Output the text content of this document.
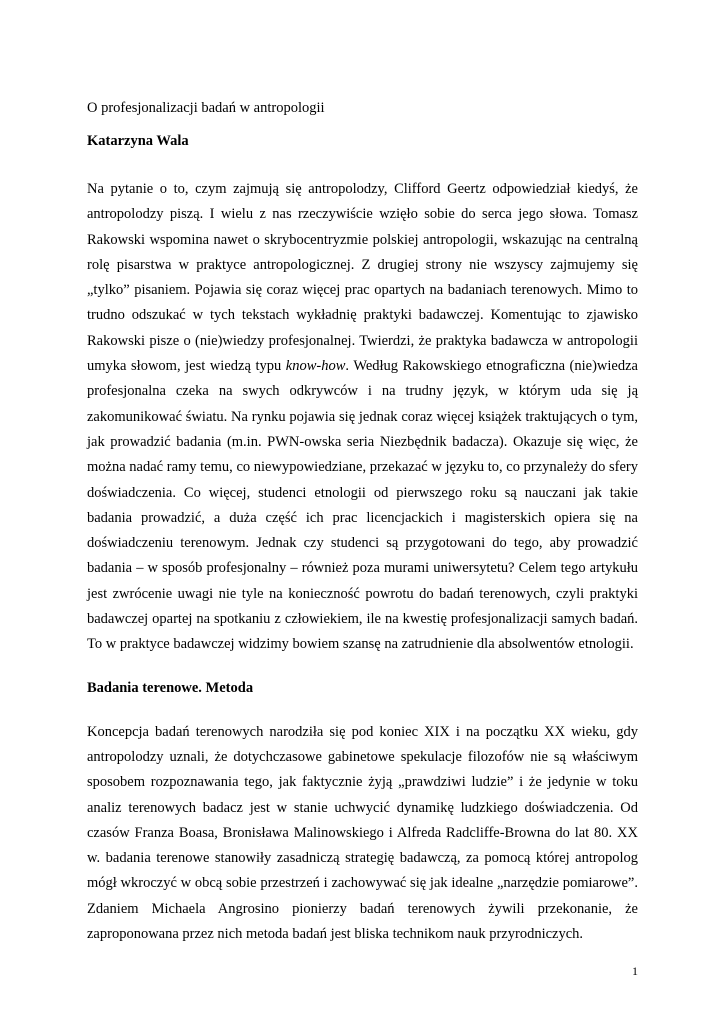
O profesjonalizacji badań w antropologii

Katarzyna Wala

Na pytanie o to, czym zajmują się antropolodzy, Clifford Geertz odpowiedział kiedyś, że antropolodzy piszą. I wielu z nas rzeczywiście wzięło sobie do serca jego słowa. Tomasz Rakowski wspomina nawet o skrybocentryzmie polskiej antropologii, wskazując na centralną rolę pisarstwa w praktyce antropologicznej. Z drugiej strony nie wszyscy zajmujemy się „tylko” pisaniem. Pojawia się coraz więcej prac opartych na badaniach terenowych. Mimo to trudno odszukać w tych tekstach wykładnię praktyki badawczej. Komentując to zjawisko Rakowski pisze o (nie)wiedzy profesjonalnej. Twierdzi, że praktyka badawcza w antropologii umyka słowom, jest wiedzą typu know-how. Według Rakowskiego etnograficzna (nie)wiedza profesjonalna czeka na swych odkrywców i na trudny język, w którym uda się ją zakomunikować światu. Na rynku pojawia się jednak coraz więcej książek traktujących o tym, jak prowadzić badania (m.in. PWN-owska seria Niezbędnik badacza). Okazuje się więc, że można nadać ramy temu, co niewypowiedziane, przekazać w języku to, co przynależy do sfery doświadczenia. Co więcej, studenci etnologii od pierwszego roku są nauczani jak takie badania prowadzić, a duża część ich prac licencjackich i magisterskich opiera się na doświadczeniu terenowym. Jednak czy studenci są przygotowani do tego, aby prowadzić badania – w sposób profesjonalny – również poza murami uniwersytetu? Celem tego artykułu jest zwrócenie uwagi nie tyle na konieczność powrotu do badań terenowych, czyli praktyki badawczej opartej na spotkaniu z człowiekiem, ile na kwestię profesjonalizacji samych badań. To w praktyce badawczej widzimy bowiem szansę na zatrudnienie dla absolwentów etnologii.

Badania terenowe. Metoda

Koncepcja badań terenowych narodziła się pod koniec XIX i na początku XX wieku, gdy antropolodzy uznali, że dotychczasowe gabinetowe spekulacje filozofów nie są właściwym sposobem rozpoznawania tego, jak faktycznie żyją „prawdziwi ludzie” i że jedynie w toku analiz terenowych badacz jest w stanie uchwycić dynamikę ludzkiego doświadczenia. Od czasów Franza Boasa, Bronisława Malinowskiego i Alfreda Radcliffe-Browna do lat 80. XX w. badania terenowe stanowiły zasadniczą strategię badawczą, za pomocą której antropolog mógł wkroczyć w obcą sobie przestrzeń i zachowywać się jak idealne „narzędzie pomiarowe”. Zdaniem Michaela Angrosino pionierzy badań terenowych żywili przekonanie, że zaproponowana przez nich metoda badań jest bliska technikom nauk przyrodniczych.

1
